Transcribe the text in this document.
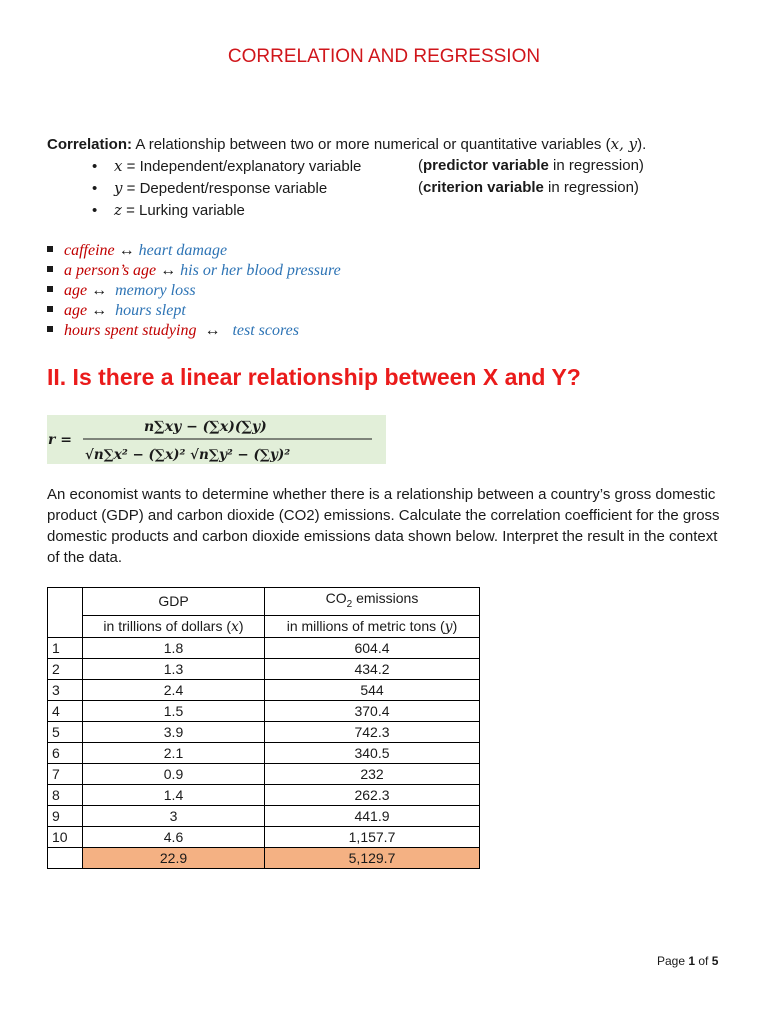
CORRELATION AND REGRESSION
Correlation: A relationship between two or more numerical or quantitative variables (x, y).
• x = Independent/explanatory variable	(predictor variable in regression)
• y = Depedent/response variable	(criterion variable in regression)
• z = Lurking variable
caffeine ↔ heart damage
a person’s age ↔ his or her blood pressure
age ↔ memory loss
age ↔ hours slept
hours spent studying ↔ test scores
II. Is there a linear relationship between X and Y?
r =
n∑xy − (∑x)(∑y)
√n∑x² − (∑x)² √n∑y² − (∑y)²
An economist wants to determine whether there is a relationship between a country’s gross domestic product (GDP) and carbon dioxide (CO2) emissions. Calculate the correlation coefficient for the gross domestic products and carbon dioxide emissions data shown below. Interpret the result in the context of the data.
	GDP	$CO_2$ emissions
	in trillions of dollars (x)	in millions of metric tons (y)
1	1.8	604.4
2	1.3	434.2
3	2.4	544
4	1.5	370.4
5	3.9	742.3
6	2.1	340.5
7	0.9	232
8	1.4	262.3
9	3	441.9
10	4.6	1,157.7
	22.9	5,129.7
Page 1 of 5
